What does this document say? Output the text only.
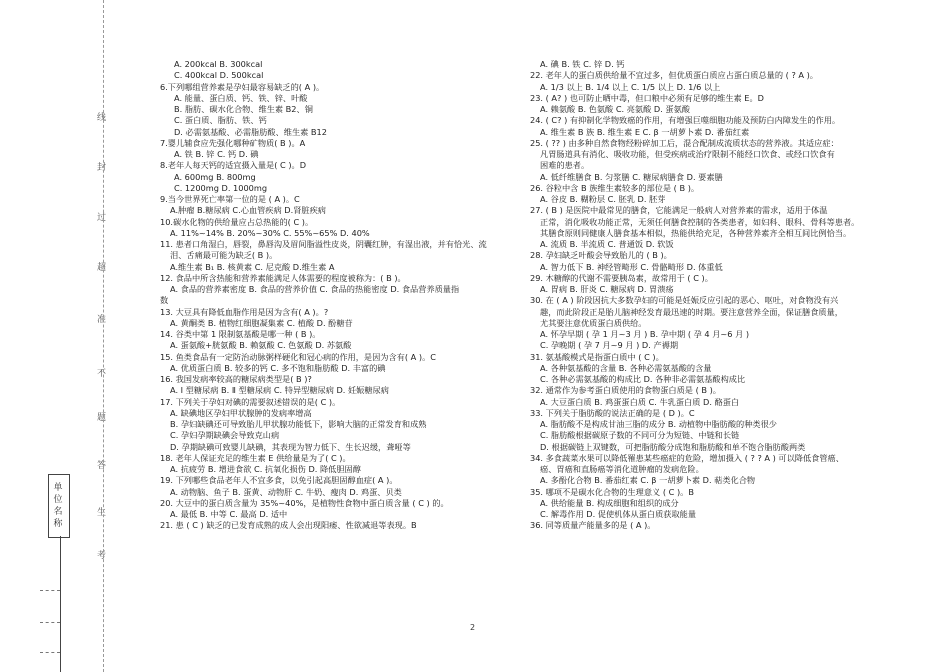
线
封
过
超
准
不
题
答
生
考
单位名称
A. 200kcal B. 300kcal
C. 400kcal D. 500kcal
6.下列哪组营养素是孕妇最容易缺乏的( A )。
A. 能量、蛋白质、钙、铁、锌、叶酸
B. 脂肪、碳水化合物、维生素 B2、铜
C. 蛋白质、脂肪、铁、钙
D. 必需氨基酸、必需脂肪酸、维生素 B12
7.婴儿辅食应先强化哪种矿物质( B )。A
A. 铁 B. 锌 C. 钙 D. 碘
8.老年人每天钙的适宜摄入量是( C )。D
A. 600mg B. 800mg
C. 1200mg D. 1000mg
9.当今世界死亡率第一位的是 ( A )。C
A.肿瘤 B.糖尿病 C.心血管疾病 D.肾脏疾病
10.碳水化物的供给量应占总热能的( C )。
A. 11%~14% B. 20%~30% C. 55%~65% D. 40%
11. 患者口角湿白，唇裂，鼻唇沟及眉间脂溢性皮炎，阴囊红肿，有湿出液，并有恰光、流
泪、舌痛最可能为缺乏( B )。
A.维生素 B₁ B. 核黄素 C. 尼克酸 D.维生素 A
12. 食品中所含热能和营养素能满足人体需要的程度被称为：( B )。
A. 食品的营养素密度 B. 食品的营养价值 C. 食品的热能密度 D. 食品营养质量指
数
13. 大豆具有降低血脂作用是因为含有( A )。?
A. 黄酮类 B. 植物红细胞凝集素 C. 植酸 D. 酚糖苷
14. 谷类中第 1 限制氨基酸是哪一种 ( B )。
A. 蛋氨酸+胱氨酸 B. 赖氨酸 C. 色氨酸 D. 苏氨酸
15. 鱼类食品有一定防治动脉粥样硬化和冠心病的作用，是因为含有( A )。C
A. 优质蛋白质 B. 较多的钙 C. 多不饱和脂肪酸 D. 丰富的碘
16. 我国发病率较高的糖尿病类型是( B )?
A. Ⅰ 型糖尿病 B. Ⅱ 型糖尿病 C. 特异型糖尿病 D. 妊娠糖尿病
17. 下列关于孕妇对碘的需要叙述错误的是( C )。
A. 缺碘地区孕妇甲状腺肿的发病率增高
B. 孕妇缺碘还可导致胎儿甲状腺功能低下，影响大脑的正常发育和成熟
C. 孕妇孕期缺碘会导致克山病
D. 孕期缺碘可致婴儿缺碘，其表现为智力低下、生长迟缓，聋哑等
18. 老年人保证充足的维生素 E 供给量是为了( C )。
A. 抗疲劳 B. 增进食欲 C. 抗氧化损伤 D. 降低胆固醇
19. 下列哪些食品老年人不宜多食，以免引起高胆固醇血症( A )。
A. 动物脑、鱼子 B. 蛋黄、动物肝 C. 牛奶、瘦肉 D. 鸡蛋、贝类
20. 大豆中的蛋白质含量为 35%~40%，是植物性食物中蛋白质含量 ( C ) 的。
A. 最低 B. 中等 C. 最高 D. 适中
21. 患 ( C ) 缺乏的已发育成熟的成人会出现阳痿、性欲减退等表现。B
A. 碘 B. 铁 C. 锌 D. 钙
22. 老年人的蛋白质供给量不宜过多，但优质蛋白质应占蛋白质总量的 ( ? A )。
A. 1/3 以上 B. 1/4 以上 C. 1/5 以上 D. 1/6 以上
23. ( A? ) 也可防止晒中毒，但口粮中必须有足够的维生素 E。D
A. 赖氨酸 B. 色氨酸 C. 亮氨酸 D. 蛋氨酸
24. ( C? ) 有抑制化学物致癌的作用，有增强巨噬细胞功能及预防白内障发生的作用。
A. 维生素 B 族 B. 维生素 E C. β 一胡萝卜素 D. 番茄红素
25. ( ?? ) 由多种自然食物经粉碎加工后，混合配制成流质状态的营养液。其适应症：
凡胃肠道具有消化、吸收功能，但受疾病或治疗限制不能经口饮食、或经口饮食有
困难的患者。
A. 低纤维膳食 B. 匀浆膳 C. 糖尿病膳食 D. 要素膳
26. 谷粒中含 B 族维生素较多的部位是 ( B )。
A. 谷皮 B. 糊粉层 C. 胚乳 D. 胚芽
27. ( B ) 是医院中最常见的膳食，它能满足一般病人对营养素的需求，适用于体温
正常，消化吸收功能正常，无须任何膳食控制的各类患者，如妇科、眼科、骨科等患者。
其膳食原则同健康人膳食基本相似，热能供给充足，各种营养素齐全相互间比例恰当。
A. 流质 B. 半流质 C. 普通饭 D. 软饭
28. 孕妇缺乏叶酸会导致胎儿的 ( B )。
A. 智力低下 B. 神经管畸形 C. 骨骼畸形 D. 体重低
29. 木糖醇的代谢不需要胰岛素，故常用于 ( C )。
A. 胃病 B. 肝炎 C. 糖尿病 D. 胃溃疡
30. 在 ( A ) 阶段因抗大多数孕妇的可能是妊娠反应引起的恶心、呕吐，对食物没有兴
趣，而此阶段正是胎儿脑神经发育最迅速的时期。要注意营养全面，保证膳食质量，
尤其要注意优质蛋白质供给。
A. 怀孕早期 ( 孕 1 月~3 月 ) B. 孕中期 ( 孕 4 月~6 月 )
C. 孕晚期 ( 孕 7 月~9 月 ) D. 产褥期
31. 氨基酸模式是指蛋白质中 ( C )。
A. 各种氨基酸的含量 B. 各种必需氨基酸的含量
C. 各种必需氨基酸的构成比 D. 各种非必需氨基酸构成比
32. 通常作为参考蛋白质使用的食物蛋白质是 ( B )。
A. 大豆蛋白质 B. 鸡蛋蛋白质 C. 牛乳蛋白质 D. 酪蛋白
33. 下列关于脂肪酸的说法正确的是 ( D )。C
A. 脂肪酸不是构成甘油三脂的成分 B. 动植物中脂肪酸的种类很少
C. 脂肪酸根据碳原子数的不同可分为短链、中链和长链
D. 根据碳链上双键数，可把脂肪酸分成饱和脂肪酸和单不饱合脂肪酸两类
34. 多食蔬菜水果可以降低罹患某些癌症的危险，增加摄入 ( ? ? A ) 可以降低食管癌、
癌、胃癌和直肠癌等消化道肿瘤的发病危险。
A. 多酚化合物 B. 番茄红素 C. β 一胡萝卜素 D. 萜类化合物
35. 哪项不是碳水化合物的生理意义 ( C )。B
A. 供给能量 B. 构成细胞和组织的成分
C. 解毒作用 D. 促使机体从蛋白质获取能量
36. 同等质量产能量多的是 ( A )。
2
